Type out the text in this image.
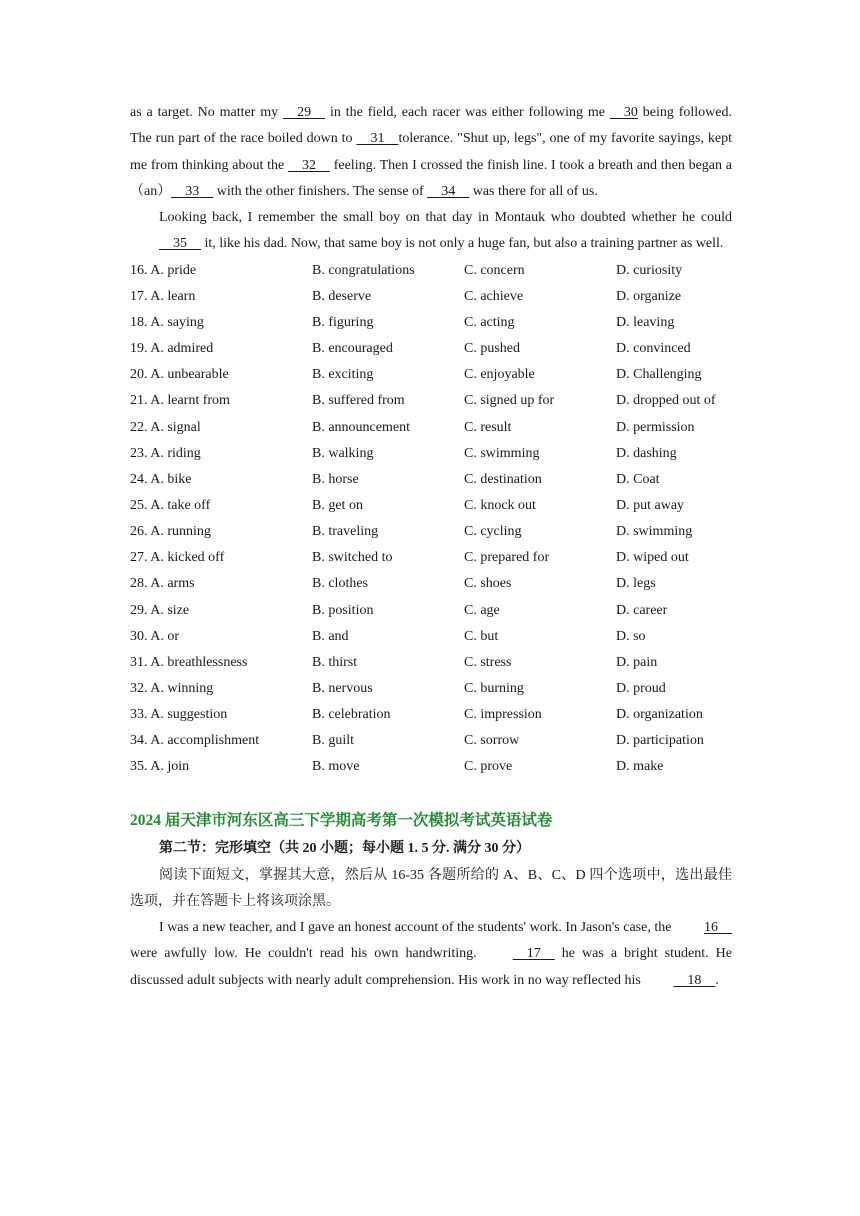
as a target. No matter my     29     in the field, each racer was either following me     30 being followed. The run part of the race boiled down to     31 tolerance. "Shut up, legs", one of my favorite sayings, kept me from thinking about the     32     feeling. Then I crossed the finish line. I took a breath and then began a（an） 33     with the other finishers. The sense of     34     was there for all of us.

Looking back, I remember the small boy on that day in Montauk who doubted whether he could     35     it, like his dad. Now, that same boy is not only a huge fan, but also a training partner as well.

16. A. pride	B. congratulations	C. concern	D. curiosity
17. A. learn	B. deserve	C. achieve	D. organize
18. A. saying	B. figuring	C. acting	D. leaving
19. A. admired	B. encouraged	C. pushed	D. convinced
20. A. unbearable	B. exciting	C. enjoyable	D. Challenging
21. A. learnt from	B. suffered from	C. signed up for	D. dropped out of
22. A. signal	B. announcement	C. result	D. permission
23. A. riding	B. walking	C. swimming	D. dashing
24. A. bike	B. horse	C. destination	D. Coat
25. A. take off	B. get on	C. knock out	D. put away
26. A. running	B. traveling	C. cycling	D. swimming
27. A. kicked off	B. switched to	C. prepared for	D. wiped out
28. A. arms	B. clothes	C. shoes	D. legs
29. A. size	B. position	C. age	D. career
30. A. or	B. and	C. but	D. so
31. A. breathlessness	B. thirst	C. stress	D. pain
32. A. winning	B. nervous	C. burning	D. proud
33. A. suggestion	B. celebration	C. impression	D. organization
34. A. accomplishment	B. guilt	C. sorrow	D. participation
35. A. join	B. move	C. prove	D. make
2024 届天津市河东区高三下学期高考第一次模拟考试英语试卷
第二节：完形填空（共 20 小题；每小题 1. 5 分. 满分 30 分）

阅读下面短文，掌握其大意，然后从 16-35 各题所给的 A、B、C、D 四个选项中，选出最佳选项，并在答题卡上将该项涂黑。

I was a new teacher, and I gave an honest account of the students' work. In Jason's case, the 16     were awfully low. He couldn't read his own handwriting.	17     he was a bright student. He discussed adult subjects with nearly adult comprehension. His work in no way reflected his	18 .
